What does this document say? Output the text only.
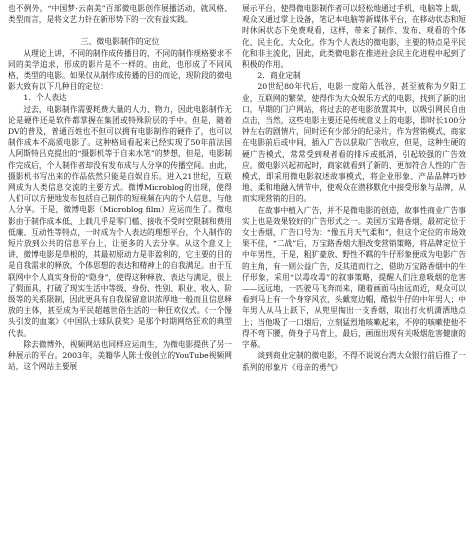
也不例外。“中国梦·云南美”百部微电影创作展播活动，就风格、类型而言，是将文艺力针在新形势下的一次有益实践。

三、微电影制作的定位

从理论上讲，不同的制作成传播目的，不同的制作规格要求不同的美学追求，形成的影片是不一样的。由此，也形成了不同风格、类型的电影。如果仅从制作成传播的目的而论，现阶段的微电影大致有以下几种目的定位：

1．个人表达

过去，电影制作需要耗费大量的人力、物力，因此电影制作无论是硬件还是软件都掌握在集团或特殊阶层的手中。但是，随着DV的普及，普通百姓也不但可以拥有电影制作的硬件了，也可以制作成本不高质电影了。这种格局看起来已经实现了50年前法国人阿斯特吕克提出的“摄影机等于自来水笔”的梦想，但是，电影制作完成后，个人制作者却没有发布成与人分享的传播空间。由此，摄影机书写出来的作品依然只能是自娱自乐。进入21世纪，互联网成为人类信息交流的主要方式。微博Microblog的出现，使得人们可以方便地发布包括自己制作的短视频在内的个人信息，与他人分享。于是，微博电影（Microblog film）应运而生了。微电影由于制作成本低、上载几乎是零门槛、接收不受时空限制和费用低廉、互动性等特点，一时成为个人表达的理想平台，个人制作的短片放到公共的信息平台上，让更多的人去分享。从这个意义上讲，微博电影是草根的，其最初原动力是非盈利的，它主要的目的是自我需求的释放，个体思想的表达和精神上的自我满足。由于互联网中个人真实身份的“隐身”，使得这种释放、表达与满足，很上了假面具，打破了现实生活中等级、身份、性别、职业、收入、阶级等的关系限制，因此更具有自我保留意识浓厚地一般而且信息释放的主体，甚至成为平民超越世俗生活的一种狂欢仪式。《一个馒头引发的血案》《中国队士球队获奖》是那个时期网络狂欢的典型代表。

除去微博外，视频网站也同样应运而生，为微电影提供了另一种展示的平台。2003年，美籍华人陈士俊创立的YouTube视频网站，这个网站主要展

展示平台，使得微电影制作者可以轻松地通过手机、电脑等上载，观众又通过掌上设备，笔记本电脑等新媒体平台，在移动状态和短时休闲状态下免费观看，这样，带来了制作、发布、观看的个体化、民主化、大众化。作为个人表达的微电影，主要的特点是平民化和非主流化，因此，此类微电影在推进社会民主化进程中起到了积极的作用。

2．商业定制

20世纪80年代后，电影一度陷入低谷，甚至被称为夕阳工业，互联网的繁荣，使得作为大众娱乐方式的电影，找到了新的出口，早期的门户网站，将过去的老电影放置其中，以吸引网民自由点击，当然，这些电影主要还是传统意义上的电影，即时长100分钟左右的剧情片，同时还有少部分的纪录片，作为营销模式，商家在电影前后或中间，插入广告以获取广告收应，但是，这种生硬的硬广告模式，常常受到观者看的排斥或抵消，引起较强的广告效应。微电影兴起初起时，商家就看到了新的、更加符合人性的广告模式，即采用微电影叙述故事模式，将企业形象、产品品牌巧妙地、柔和地融入情节中，使观众在潜移默化中接受形象与品牌，从而实现营销的目的。

在故事中植入广告，并不是微电影的创造，故事性商业广告事实上也是效果较好的广告形式之一。美国万宝路香烟，最初定位于女士香烟，广告口号为：“像五月天气柔和”，但这个定位的市场效果不佳，“二战”后，万宝路香烟大胆改变营销策略，将品牌定位于中年男性，于是，粗犷豪放、野性不羁的牛仔形象便成为电影广告的主角，有一则公益广告，反其道而行之，借助万宝路香烟中的牛仔形象，采用“以毒攻毒”的叙事策略，提醒人们注意吸烟的危害——远远地，一匹驶马飞奔而来，随着画面马由远而近，观众可以看到马上有一个身穿风衣，头戴宽边帽，酷似牛仔的中年男人；中年男人从马上跃下，从兜里掏出一支香烟，取出打火机潇洒地点上；当他吸了一口烟后，立刻猛烈地咳嗽起来，不停的咳嗽使他不得不弯下腰，倚身子马背上，最后，画面出现有关吸烟危害健康的字幕。

谈到商业定制的微电影，不得不说说台湾大众银行前后推了一系列的形象片《母亲的勇气》
